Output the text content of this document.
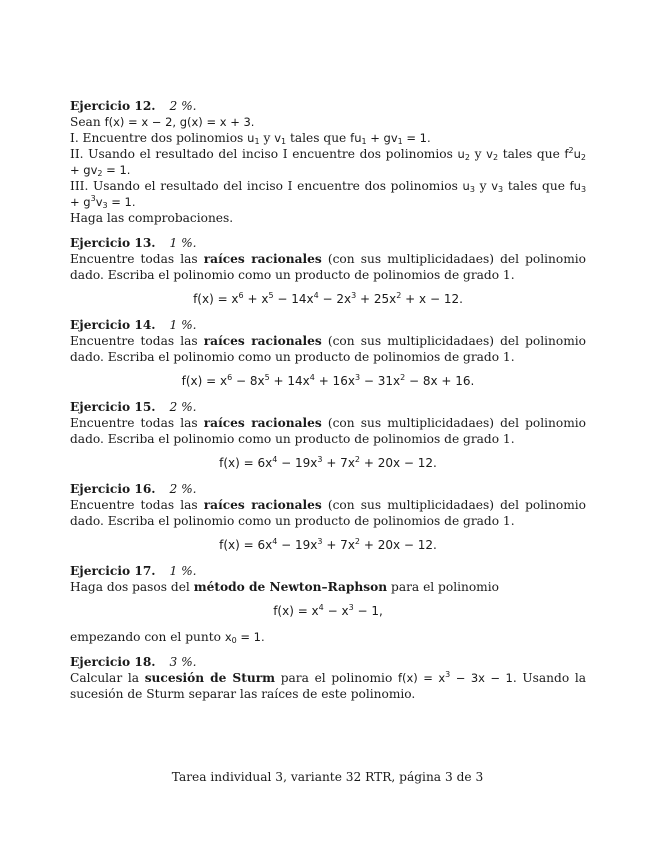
Ejercicio 12. 2 %.

Sean f(x) = x − 2, g(x) = x + 3.

I. Encuentre dos polinomios $u_1$ y $v_1$ tales que $fu_1 + gv_1 = 1$.

II. Usando el resultado del inciso I encuentre dos polinomios $u_2$ y $v_2$ tales que $f^2u_2 + gv_2 = 1$.

III. Usando el resultado del inciso I encuentre dos polinomios $u_3$ y $v_3$ tales que $fu_3 + g^3v_3 = 1$.

Haga las comprobaciones.

Ejercicio 13. 1 %.

Encuentre todas las raíces racionales (con sus multiplicidadaes) del polinomio dado. Escriba el polinomio como un producto de polinomios de grado 1.

$f(x) = x^6 + x^5 - 14x^4 - 2x^3 + 25x^2 + x - 12$.

Ejercicio 14. 1 %.

Encuentre todas las raíces racionales (con sus multiplicidadaes) del polinomio dado. Escriba el polinomio como un producto de polinomios de grado 1.

$f(x) = x^6 - 8x^5 + 14x^4 + 16x^3 - 31x^2 - 8x + 16$.

Ejercicio 15. 2 %.

Encuentre todas las raíces racionales (con sus multiplicidadaes) del polinomio dado. Escriba el polinomio como un producto de polinomios de grado 1.

$f(x) = 6x^4 - 19x^3 + 7x^2 + 20x - 12$.

Ejercicio 16. 2 %.

Encuentre todas las raíces racionales (con sus multiplicidadaes) del polinomio dado. Escriba el polinomio como un producto de polinomios de grado 1.

$f(x) = 6x^4 - 19x^3 + 7x^2 + 20x - 12$.

Ejercicio 17. 1 %.

Haga dos pasos del método de Newton–Raphson para el polinomio

$f(x) = x^4 - x^3 - 1$,

empezando con el punto $x_0 = 1$.

Ejercicio 18. 3 %.

Calcular la sucesión de Sturm para el polinomio $f(x) = x^3 - 3x - 1$. Usando la sucesión de Sturm separar las raíces de este polinomio.

Tarea individual 3, variante 32 RTR, página 3 de 3
